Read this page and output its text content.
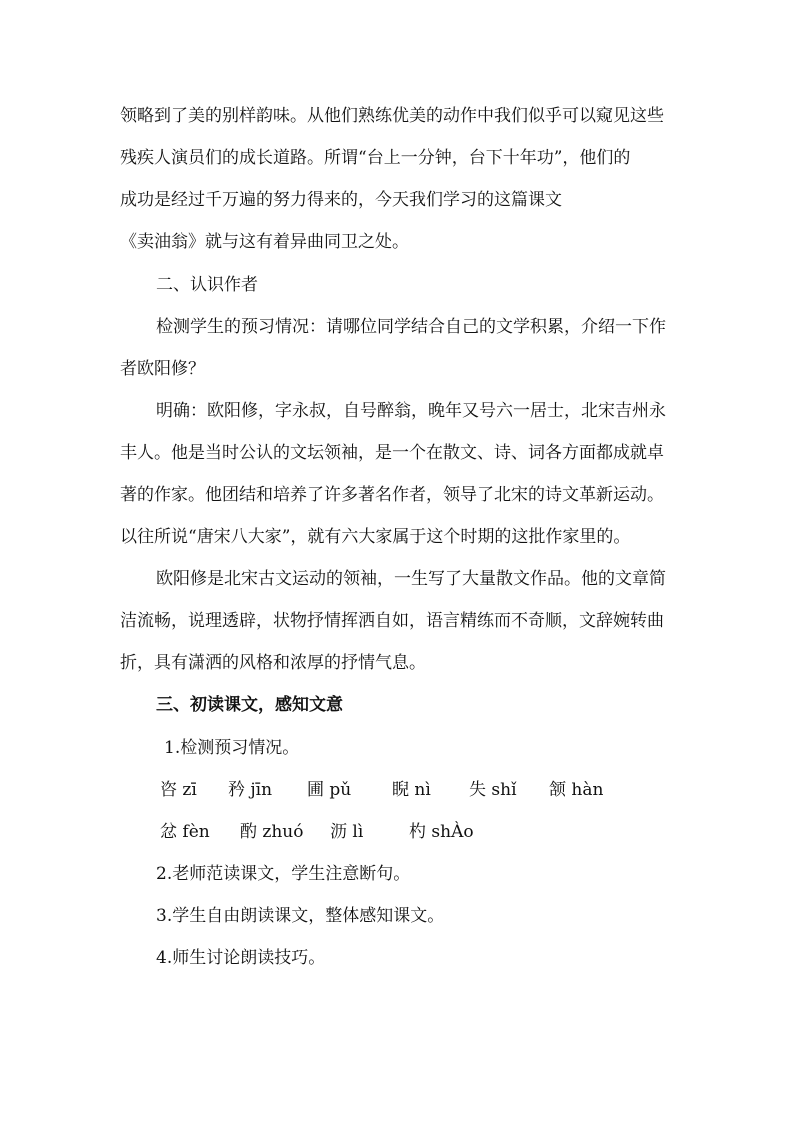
领略到了美的别样韵味。从他们熟练优美的动作中我们似乎可以窥见这些
残疾人演员们的成长道路。所谓“台上一分钟，台下十年功”，他们的
成功是经过千万遍的努力得来的，今天我们学习的这篇课文
《卖油翁》就与这有着异曲同卫之处。
二、认识作者
检测学生的预习情况：请哪位同学结合自己的文学积累，介绍一下作
者欧阳修？
明确：欧阳修，字永叔，自号醉翁，晚年又号六一居士，北宋吉州永
丰人。他是当时公认的文坛领袖，是一个在散文、诗、词各方面都成就卓
著的作家。他团结和培养了许多著名作者，领导了北宋的诗文革新运动。
以往所说“唐宋八大家”，就有六大家属于这个时期的这批作家里的。
欧阳修是北宋古文运动的领袖，一生写了大量散文作品。他的文章简
洁流畅，说理透辟，状物抒情挥洒自如，语言精练而不奇顺，文辞婉转曲
折，具有潇洒的风格和浓厚的抒情气息。
三、初读课文，感知文意
1.检测预习情况。
咨 zī 矜 jīn 圃 pǔ 睨 nì 失 shǐ 颔 hàn
忿 fèn 酌 zhuó 沥 lì	杓 shÀo
2.老师范读课文，学生注意断句。
3.学生自由朗读课文，整体感知课文。
4.师生讨论朗读技巧。
